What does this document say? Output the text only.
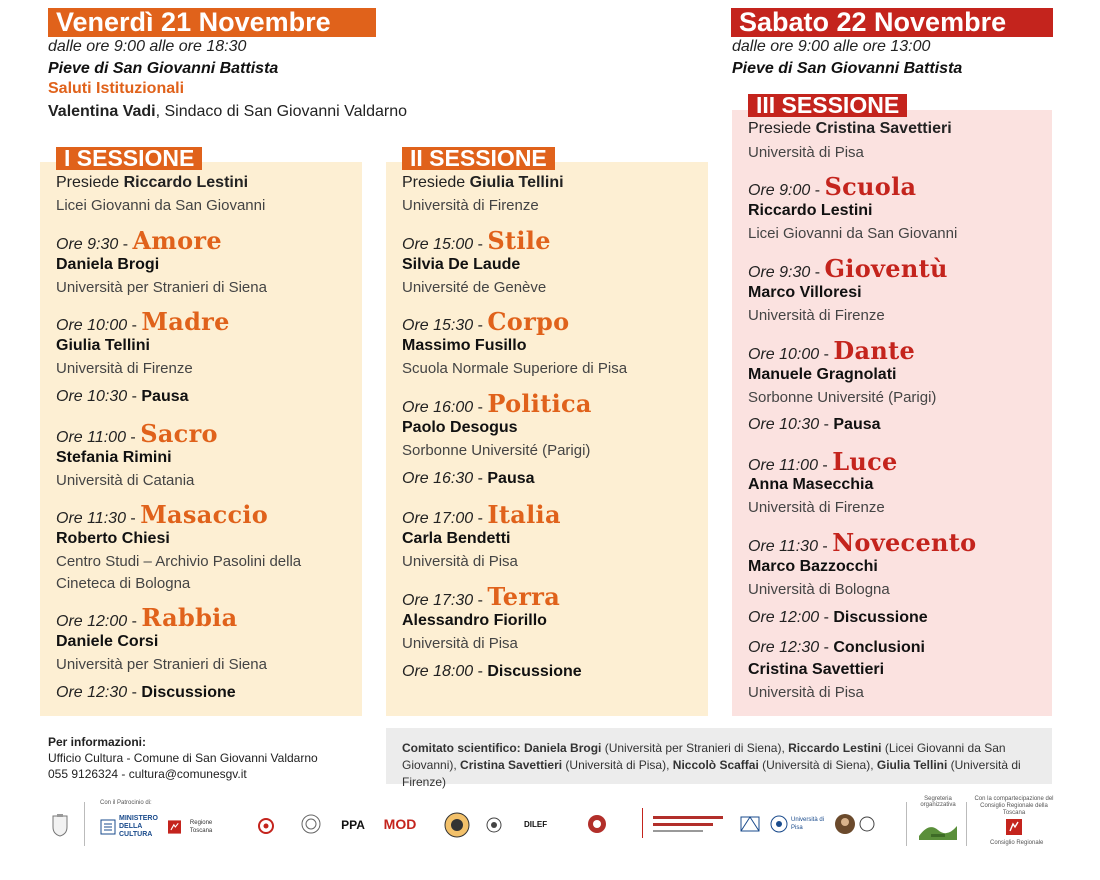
Venerdì 21 Novembre
dalle ore 9:00 alle ore 18:30
Pieve di San Giovanni Battista
Saluti Istituzionali
Valentina Vadi, Sindaco di San Giovanni Valdarno
Sabato 22 Novembre
dalle ore 9:00 alle ore 13:00
Pieve di San Giovanni Battista
I SESSIONE
Presiede Riccardo Lestini
Licei Giovanni da San Giovanni
Ore 9:30 - Amore
Daniela Brogi
Università per Stranieri di Siena
Ore 10:00 - Madre
Giulia Tellini
Università di Firenze
Ore 10:30 - Pausa
Ore 11:00 - Sacro
Stefania Rimini
Università di Catania
Ore 11:30 - Masaccio
Roberto Chiesi
Centro Studi – Archivio Pasolini della
Cineteca di Bologna
Ore 12:00 - Rabbia
Daniele Corsi
Università per Stranieri di Siena
Ore 12:30 - Discussione
II SESSIONE
Presiede Giulia Tellini
Università di Firenze
Ore 15:00 - Stile
Silvia De Laude
Université de Genève
Ore 15:30 - Corpo
Massimo Fusillo
Scuola Normale Superiore di Pisa
Ore 16:00 - Politica
Paolo Desogus
Sorbonne Université (Parigi)
Ore 16:30 - Pausa
Ore 17:00 - Italia
Carla Bendetti
Università di Pisa
Ore 17:30 - Terra
Alessandro Fiorillo
Università di Pisa
Ore 18:00 - Discussione
III SESSIONE
Presiede Cristina Savettieri
Università di Pisa
Ore 9:00 - Scuola
Riccardo Lestini
Licei Giovanni da San Giovanni
Ore 9:30 - Gioventù
Marco Villoresi
Università di Firenze
Ore 10:00 - Dante
Manuele Gragnolati
Sorbonne Université (Parigi)
Ore 10:30 - Pausa
Ore 11:00 - Luce
Anna Masecchia
Università di Firenze
Ore 11:30 - Novecento
Marco Bazzocchi
Università di Bologna
Ore 12:00 - Discussione
Ore 12:30 - Conclusioni
Cristina Savettieri
Università di Pisa
Per informazioni:
Ufficio Cultura - Comune di San Giovanni Valdarno
055 9126324 - cultura@comunesgv.it
Comitato scientifico: Daniela Brogi (Università per Stranieri di Siena), Riccardo Lestini (Licei Giovanni da San Giovanni), Cristina Savettieri (Università di Pisa), Niccolò Scaffai (Università di Siena), Giulia Tellini (Università di Firenze)
Con il Patrocinio di:
MINISTERO DELLA CULTURA
Regione Toscana	PPA	MOD	DILEF	Università di Pisa
Segreteria organizzativa
Con la compartecipazione del Consiglio Regionale della Toscana
Consiglio Regionale
